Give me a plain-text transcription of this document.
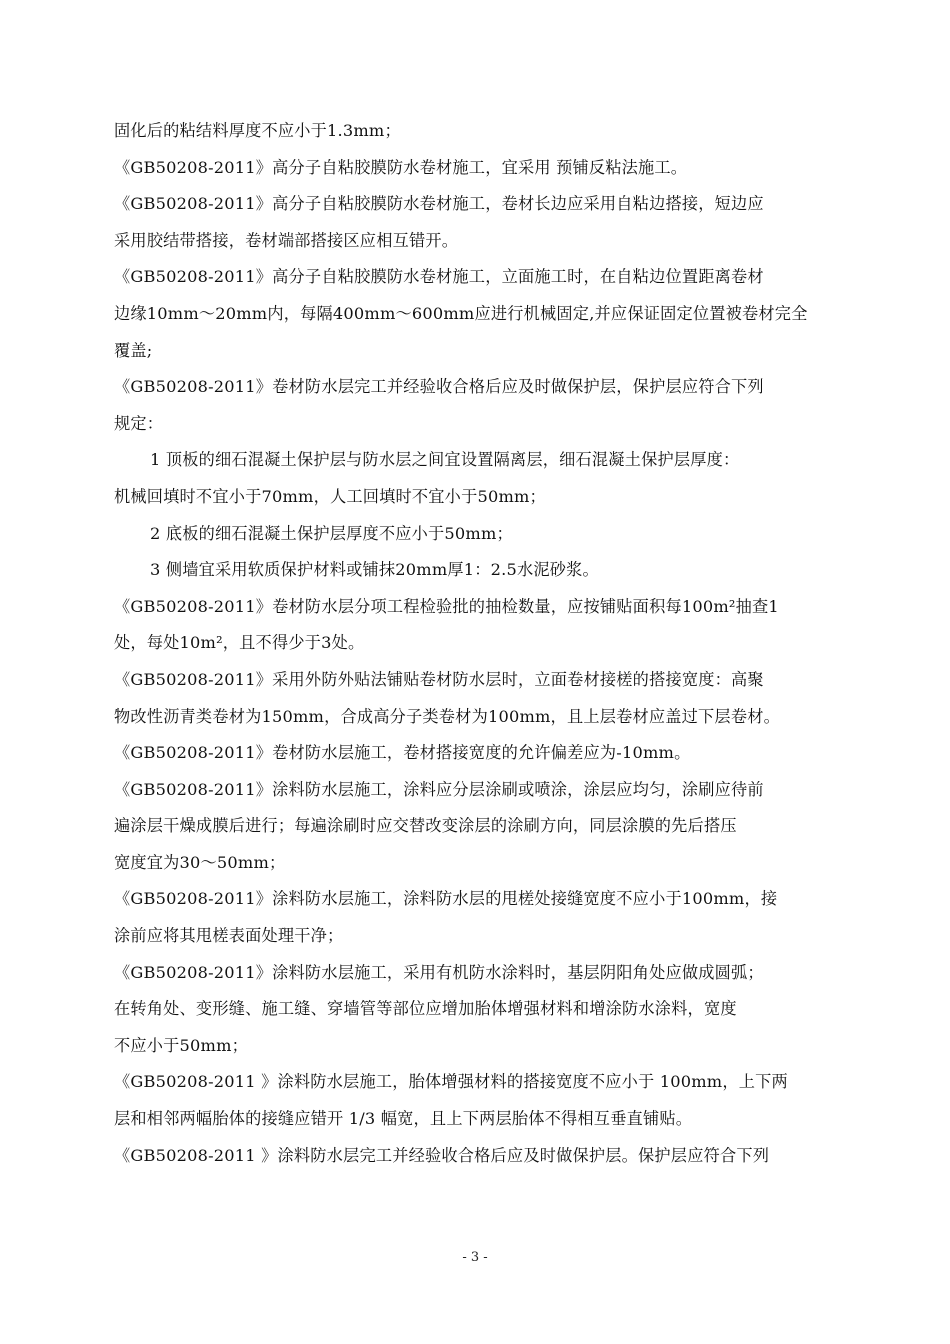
固化后的粘结料厚度不应小于1.3mm；
《GB50208-2011》高分子自粘胶膜防水卷材施工，宜采用 预铺反粘法施工。
《GB50208-2011》高分子自粘胶膜防水卷材施工，卷材长边应采用自粘边搭接，短边应
采用胶结带搭接，卷材端部搭接区应相互错开。
《GB50208-2011》高分子自粘胶膜防水卷材施工，立面施工时，在自粘边位置距离卷材
边缘10mm～20mm内，每隔400mm～600mm应进行机械固定,并应保证固定位置被卷材完全
覆盖;
《GB50208-2011》卷材防水层完工并经验收合格后应及时做保护层，保护层应符合下列
规定：
1 顶板的细石混凝土保护层与防水层之间宜设置隔离层，细石混凝土保护层厚度：
机械回填时不宜小于70mm，人工回填时不宜小于50mm；
2 底板的细石混凝土保护层厚度不应小于50mm；
3 侧墙宜采用软质保护材料或铺抹20mm厚1：2.5水泥砂浆。
《GB50208-2011》卷材防水层分项工程检验批的抽检数量，应按铺贴面积每100m²抽查1
处，每处10m²，且不得少于3处。
《GB50208-2011》采用外防外贴法铺贴卷材防水层时，立面卷材接槎的搭接宽度：高聚
物改性沥青类卷材为150mm，合成高分子类卷材为100mm，且上层卷材应盖过下层卷材。
《GB50208-2011》卷材防水层施工，卷材搭接宽度的允许偏差应为-10mm。
《GB50208-2011》涂料防水层施工，涂料应分层涂刷或喷涂，涂层应均匀，涂刷应待前
遍涂层干燥成膜后进行；每遍涂刷时应交替改变涂层的涂刷方向，同层涂膜的先后搭压
宽度宜为30～50mm；
《GB50208-2011》涂料防水层施工，涂料防水层的甩槎处接缝宽度不应小于100mm，接
涂前应将其甩槎表面处理干净；
《GB50208-2011》涂料防水层施工，采用有机防水涂料时，基层阴阳角处应做成圆弧；
在转角处、变形缝、施工缝、穿墙管等部位应增加胎体增强材料和增涂防水涂料，宽度
不应小于50mm；
《GB50208-2011 》涂料防水层施工，胎体增强材料的搭接宽度不应小于 100mm，上下两
层和相邻两幅胎体的接缝应错开 1/3 幅宽，且上下两层胎体不得相互垂直铺贴。
《GB50208-2011 》涂料防水层完工并经验收合格后应及时做保护层。保护层应符合下列
- 3 -
